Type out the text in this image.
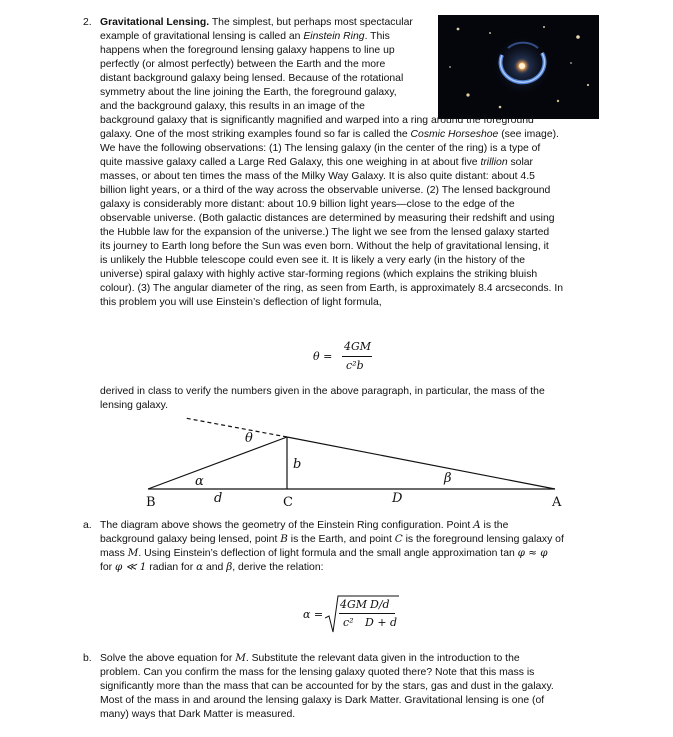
2. Gravitational Lensing. The simplest, but perhaps most spectacular
example of gravitational lensing is called an Einstein Ring. This
happens when the foreground lensing galaxy happens to line up
perfectly (or almost perfectly) between the Earth and the more
distant background galaxy being lensed. Because of the rotational
symmetry about the line joining the Earth, the foreground galaxy,
and the background galaxy, this results in an image of the
background galaxy that is significantly magnified and warped into a ring around the foreground
galaxy. One of the most striking examples found so far is called the Cosmic Horseshoe (see image).
We have the following observations: (1) The lensing galaxy (in the center of the ring) is a type of
quite massive galaxy called a Large Red Galaxy, this one weighing in at about five trillion solar
masses, or about ten times the mass of the Milky Way Galaxy. It is also quite distant: about 4.5
billion light years, or a third of the way across the observable universe. (2) The lensed background
galaxy is considerably more distant: about 10.9 billion light years—close to the edge of the
observable universe. (Both galactic distances are determined by measuring their redshift and using
the Hubble law for the expansion of the universe.) The light we see from the lensed galaxy started
its journey to Earth long before the Sun was even born. Without the help of gravitational lensing, it
is unlikely the Hubble telescope could even see it. It is likely a very early (in the history of the
universe) spiral galaxy with highly active star-forming regions (which explains the striking bluish
colour). (3) The angular diameter of the ring, as seen from Earth, is approximately 8.4 arcseconds. In
this problem you will use Einstein’s deflection of light formula,
θ =
4GM
c²b
derived in class to verify the numbers given in the above paragraph, in particular, the mass of the
lensing galaxy.
θ
b
α	β
d	D
B	C	A
a. The diagram above shows the geometry of the Einstein Ring configuration. Point A is the
background galaxy being lensed, point B is the Earth, and point C is the foreground lensing galaxy of
mass M. Using Einstein’s deflection of light formula and the small angle approximation tan φ ≈ φ
for φ ≪ 1 radian for α and β, derive the relation:
α =
4GM D/d
c² D + d
b. Solve the above equation for M. Substitute the relevant data given in the introduction to the
problem. Can you confirm the mass for the lensing galaxy quoted there? Note that this mass is
significantly more than the mass that can be accounted for by the stars, gas and dust in the galaxy.
Most of the mass in and around the lensing galaxy is Dark Matter. Gravitational lensing is one (of
many) ways that Dark Matter is measured.
